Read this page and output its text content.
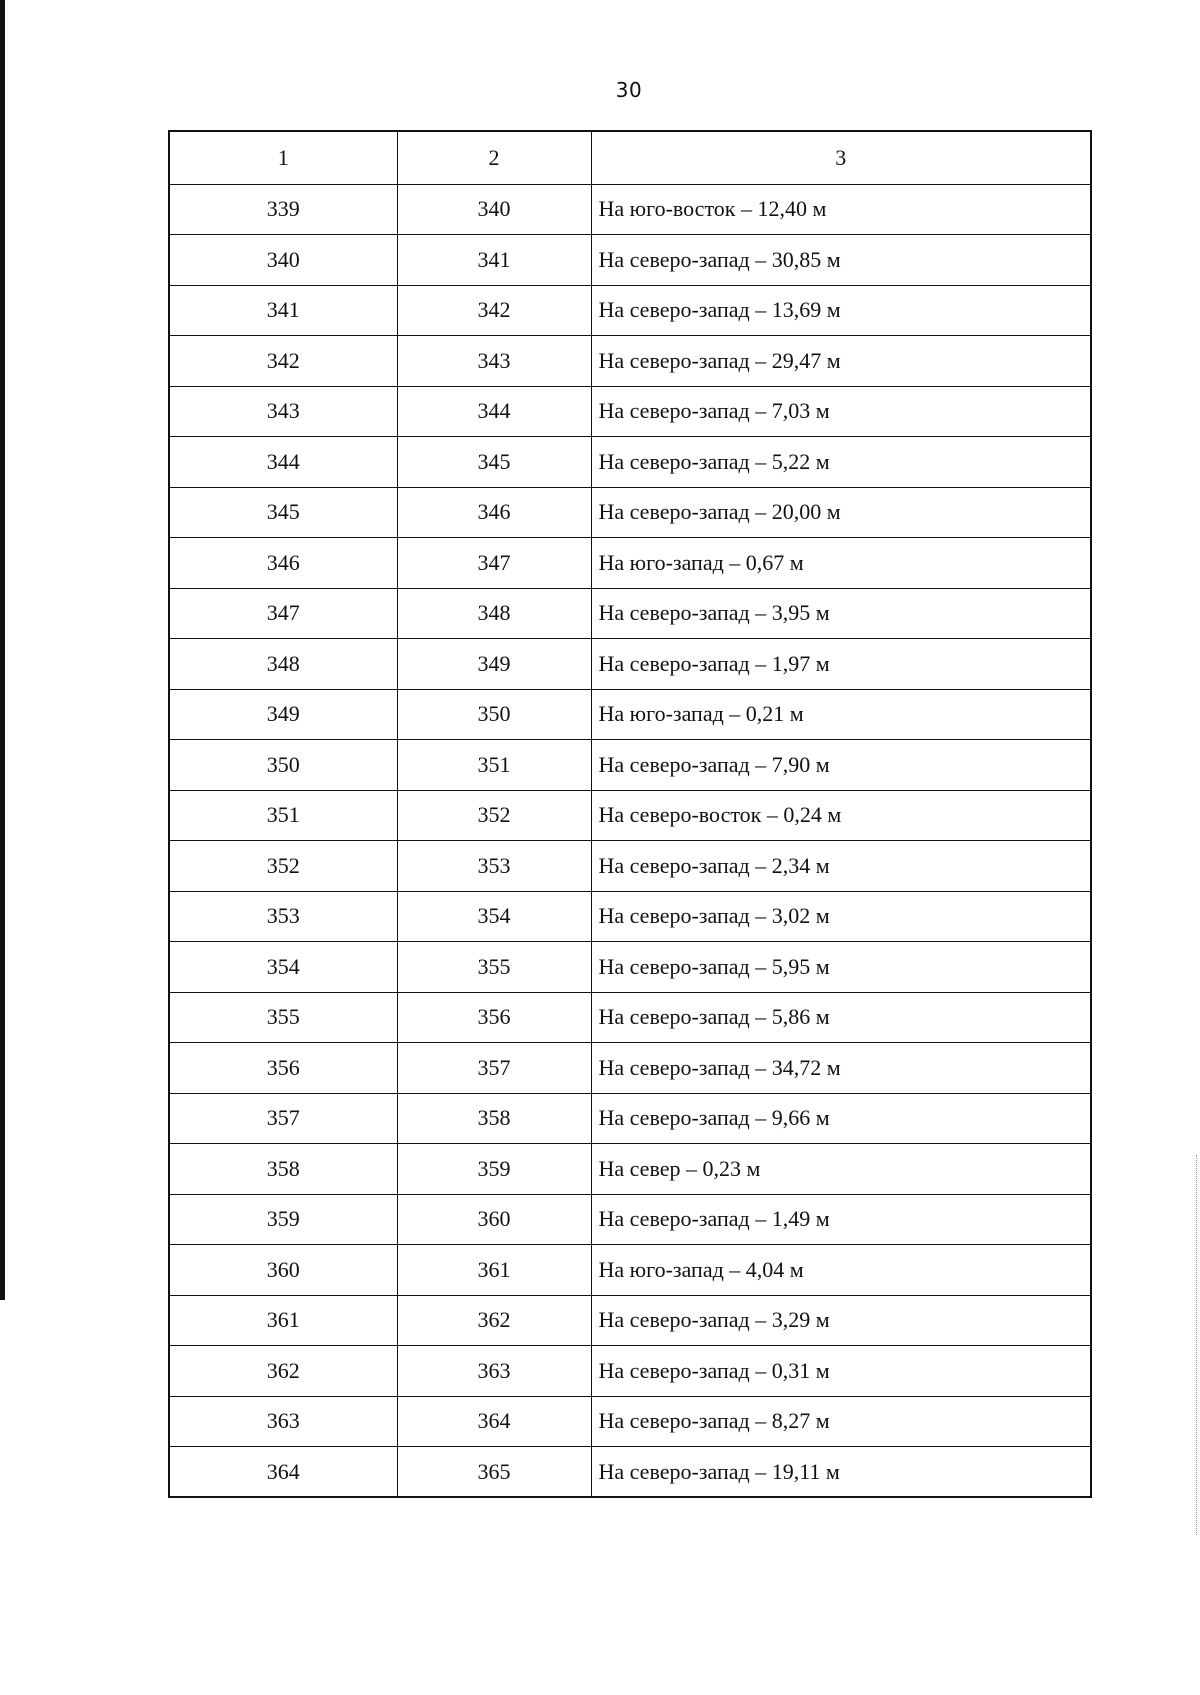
30
1	2	3
339	340	На юго-восток – 12,40 м
340	341	На северо-запад – 30,85 м
341	342	На северо-запад – 13,69 м
342	343	На северо-запад – 29,47 м
343	344	На северо-запад – 7,03 м
344	345	На северо-запад – 5,22 м
345	346	На северо-запад – 20,00 м
346	347	На юго-запад – 0,67 м
347	348	На северо-запад – 3,95 м
348	349	На северо-запад – 1,97 м
349	350	На юго-запад – 0,21 м
350	351	На северо-запад – 7,90 м
351	352	На северо-восток – 0,24 м
352	353	На северо-запад – 2,34 м
353	354	На северо-запад – 3,02 м
354	355	На северо-запад – 5,95 м
355	356	На северо-запад – 5,86 м
356	357	На северо-запад – 34,72 м
357	358	На северо-запад – 9,66 м
358	359	На север – 0,23 м
359	360	На северо-запад – 1,49 м
360	361	На юго-запад – 4,04 м
361	362	На северо-запад – 3,29 м
362	363	На северо-запад – 0,31 м
363	364	На северо-запад – 8,27 м
364	365	На северо-запад – 19,11 м
